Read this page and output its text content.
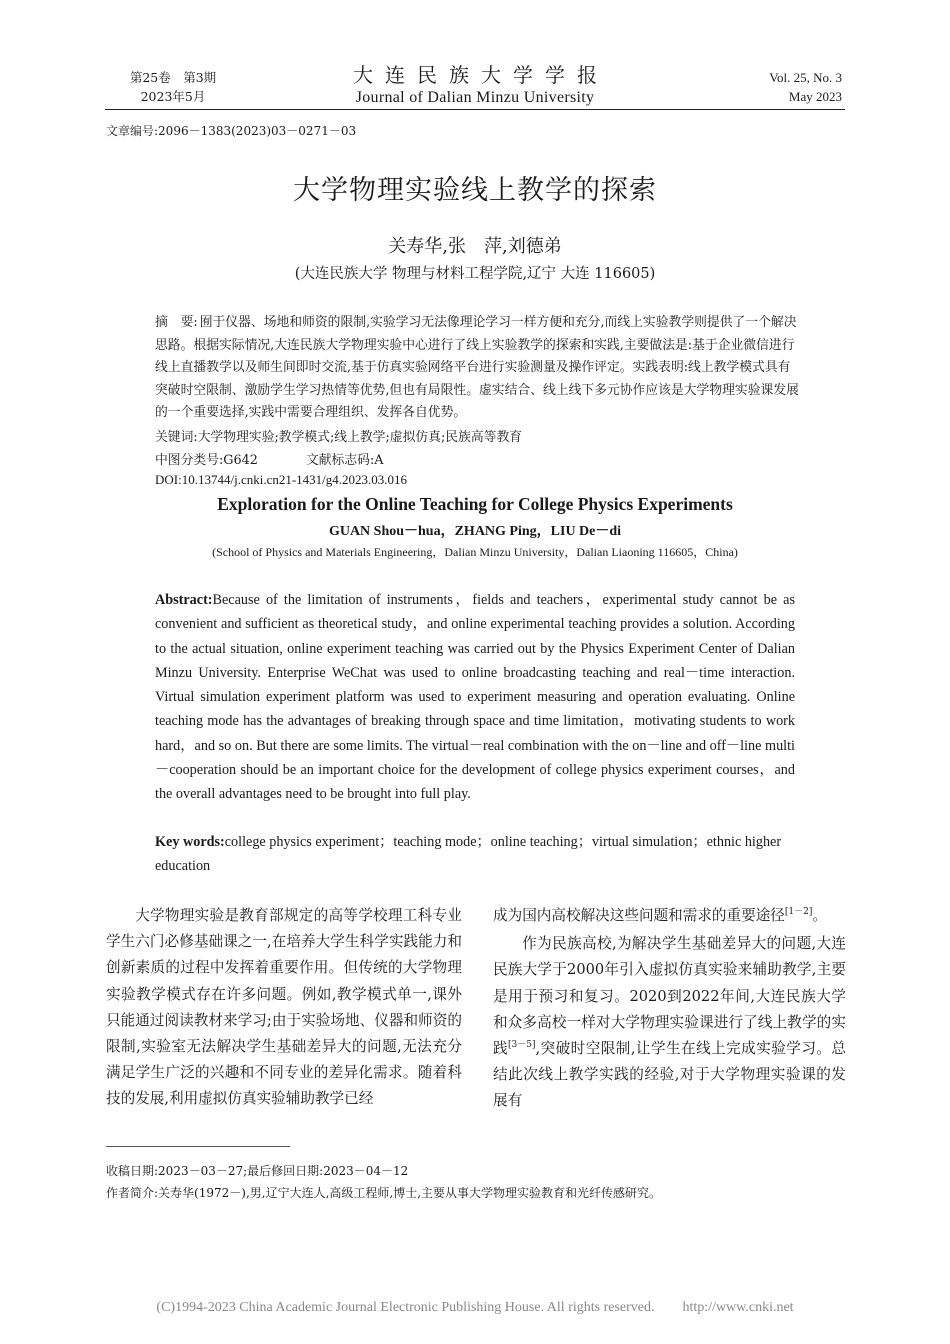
第25卷　第3期
2023年5月
大连民族大学学报
Journal of Dalian Minzu University
Vol. 25, No. 3
May 2023
文章编号:2096－1383(2023)03－0271－03
大学物理实验线上教学的探索
关寿华,张　萍,刘德弟
(大连民族大学 物理与材料工程学院,辽宁 大连 116605)
摘　要: 囿于仪器、场地和师资的限制,实验学习无法像理论学习一样方便和充分,而线上实验教学则提供了一个解决思路。根据实际情况,大连民族大学物理实验中心进行了线上实验教学的探索和实践,主要做法是:基于企业微信进行线上直播教学以及师生间即时交流,基于仿真实验网络平台进行实验测量及操作评定。实践表明:线上教学模式具有突破时空限制、激励学生学习热情等优势,但也有局限性。虚实结合、线上线下多元协作应该是大学物理实验课发展的一个重要选择,实践中需要合理组织、发挥各自优势。
关键词:大学物理实验;教学模式;线上教学;虚拟仿真;民族高等教育
中图分类号:G642	文献标志码:A
DOI:10.13744/j.cnki.cn21-1431/g4.2023.03.016
Exploration for the Online Teaching for College Physics Experiments
GUAN Shou－hua，ZHANG Ping，LIU De－di
(School of Physics and Materials Engineering，Dalian Minzu University，Dalian Liaoning 116605，China)
Abstract:Because of the limitation of instruments，fields and teachers，experimental study cannot be as convenient and sufficient as theoretical study，and online experimental teaching provides a solution. According to the actual situation, online experiment teaching was carried out by the Physics Experiment Center of Dalian Minzu University. Enterprise WeChat was used to online broadcasting teaching and real－time interaction. Virtual simulation experiment platform was used to experiment measuring and operation evaluating. Online teaching mode has the advantages of breaking through space and time limitation，motivating students to work hard，and so on. But there are some limits. The virtual－real combination with the on－line and off－line multi－cooperation should be an important choice for the development of college physics experiment courses，and the overall advantages need to be brought into full play.
Key words:college physics experiment；teaching mode；online teaching；virtual simulation；ethnic higher education

大学物理实验是教育部规定的高等学校理工科专业学生六门必修基础课之一,在培养大学生科学实践能力和创新素质的过程中发挥着重要作用。但传统的大学物理实验教学模式存在许多问题。例如,教学模式单一,课外只能通过阅读教材来学习;由于实验场地、仪器和师资的限制,实验室无法解决学生基础差异大的问题,无法充分满足学生广泛的兴趣和不同专业的差异化需求。随着科技的发展,利用虚拟仿真实验辅助教学已经

成为国内高校解决这些问题和需求的重要途径[1－2]。

作为民族高校,为解决学生基础差异大的问题,大连民族大学于2000年引入虚拟仿真实验来辅助教学,主要是用于预习和复习。2020到2022年间,大连民族大学和众多高校一样对大学物理实验课进行了线上教学的实践[3－5],突破时空限制,让学生在线上完成实验学习。总结此次线上教学实践的经验,对于大学物理实验课的发展有

收稿日期:2023－03－27;最后修回日期:2023－04－12
作者简介:关寿华(1972－),男,辽宁大连人,高级工程师,博士,主要从事大学物理实验教育和光纤传感研究。
(C)1994-2023 China Academic Journal Electronic Publishing House. All rights reserved.　　http://www.cnki.net
